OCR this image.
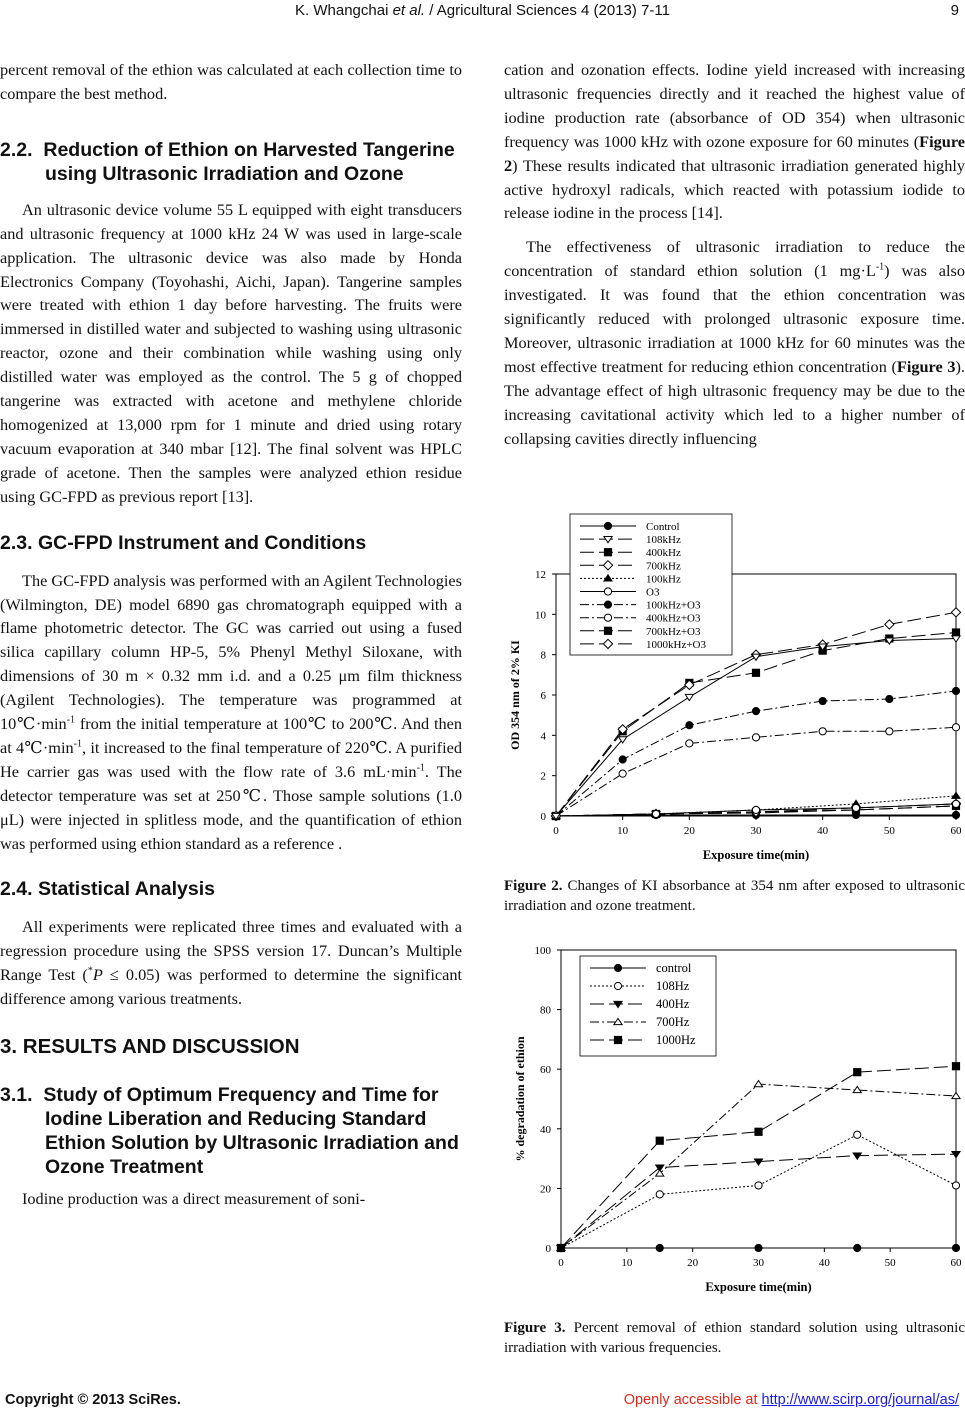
K. Whangchai et al. / Agricultural Sciences 4 (2013) 7-11	9

percent removal of the ethion was calculated at each collection time to compare the best method.

2.2. Reduction of Ethion on Harvested Tangerine using Ultrasonic Irradiation and Ozone

An ultrasonic device volume 55 L equipped with eight transducers and ultrasonic frequency at 1000 kHz 24 W was used in large-scale application. The ultrasonic device was also made by Honda Electronics Company (Toyohashi, Aichi, Japan). Tangerine samples were treated with ethion 1 day before harvesting. The fruits were immersed in distilled water and subjected to washing using ultrasonic reactor, ozone and their combination while washing using only distilled water was employed as the control. The 5 g of chopped tangerine was extracted with acetone and methylene chloride homogenized at 13,000 rpm for 1 minute and dried using rotary vacuum evaporation at 340 mbar [12]. The final solvent was HPLC grade of acetone. Then the samples were analyzed ethion residue using GC-FPD as previous report [13].

2.3. GC-FPD Instrument and Conditions

The GC-FPD analysis was performed with an Agilent Technologies (Wilmington, DE) model 6890 gas chromatograph equipped with a flame photometric detector. The GC was carried out using a fused silica capillary column HP-5, 5% Phenyl Methyl Siloxane, with dimensions of 30 m × 0.32 mm i.d. and a 0.25 μm film thickness (Agilent Technologies). The temperature was programmed at $10℃\cdot\min^{-1}$ from the initial temperature at 100℃ to 200℃. And then at $4℃\cdot\min^{-1}$, it increased to the final temperature of 220℃. A purified He carrier gas was used with the flow rate of 3.6 $mL\cdot\min^{-1}$. The detector temperature was set at 250℃. Those sample solutions (1.0 μL) were injected in splitless mode, and the quantification of ethion was performed using ethion standard as a reference .

2.4. Statistical Analysis

All experiments were replicated three times and evaluated with a regression procedure using the SPSS version 17. Duncan’s Multiple Range Test (*P ≤ 0.05) was performed to determine the significant difference among various treatments.

3. RESULTS AND DISCUSSION
3.1. Study of Optimum Frequency and Time for Iodine Liberation and Reducing Standard Ethion Solution by Ultrasonic Irradiation and Ozone Treatment

Iodine production was a direct measurement of soni-

cation and ozonation effects. Iodine yield increased with increasing ultrasonic frequencies directly and it reached the highest value of iodine production rate (absorbance of OD 354) when ultrasonic frequency was 1000 kHz with ozone exposure for 60 minutes (Figure 2) These results indicated that ultrasonic irradiation generated highly active hydroxyl radicals, which reacted with potassium iodide to release iodine in the process [14].

The effectiveness of ultrasonic irradiation to reduce the concentration of standard ethion solution (1 $mg\cdot L^{-1}$) was also investigated. It was found that the ethion concentration was significantly reduced with prolonged ultrasonic exposure time. Moreover, ultrasonic irradiation at 1000 kHz for 60 minutes was the most effective treatment for reducing ethion concentration (Figure 3). The advantage effect of high ultrasonic frequency may be due to the increasing cavitational activity which led to a higher number of collapsing cavities directly influencing

0	10	20	30	40	50	60
0
2
4
6
8
10
12
Exposure time(min)
OD 354 nm of 2% KI
Control
108kHz
400kHz
700kHz
100kHz
O3
100kHz+O3
400kHz+O3
700kHz+O3
1000kHz+O3
Figure 2. Changes of KI absorbance at 354 nm after exposed to ultrasonic irradiation and ozone treatment.
0	10	20	30	40	50	60
0
20
40
60
80
100
Exposure time(min)
% degradation of ethion
control
108Hz
400Hz
700Hz
1000Hz
Figure 3. Percent removal of ethion standard solution using ultrasonic irradiation with various frequencies.
Copyright © 2013 SciRes.	Openly accessible at http://www.scirp.org/journal/as/
